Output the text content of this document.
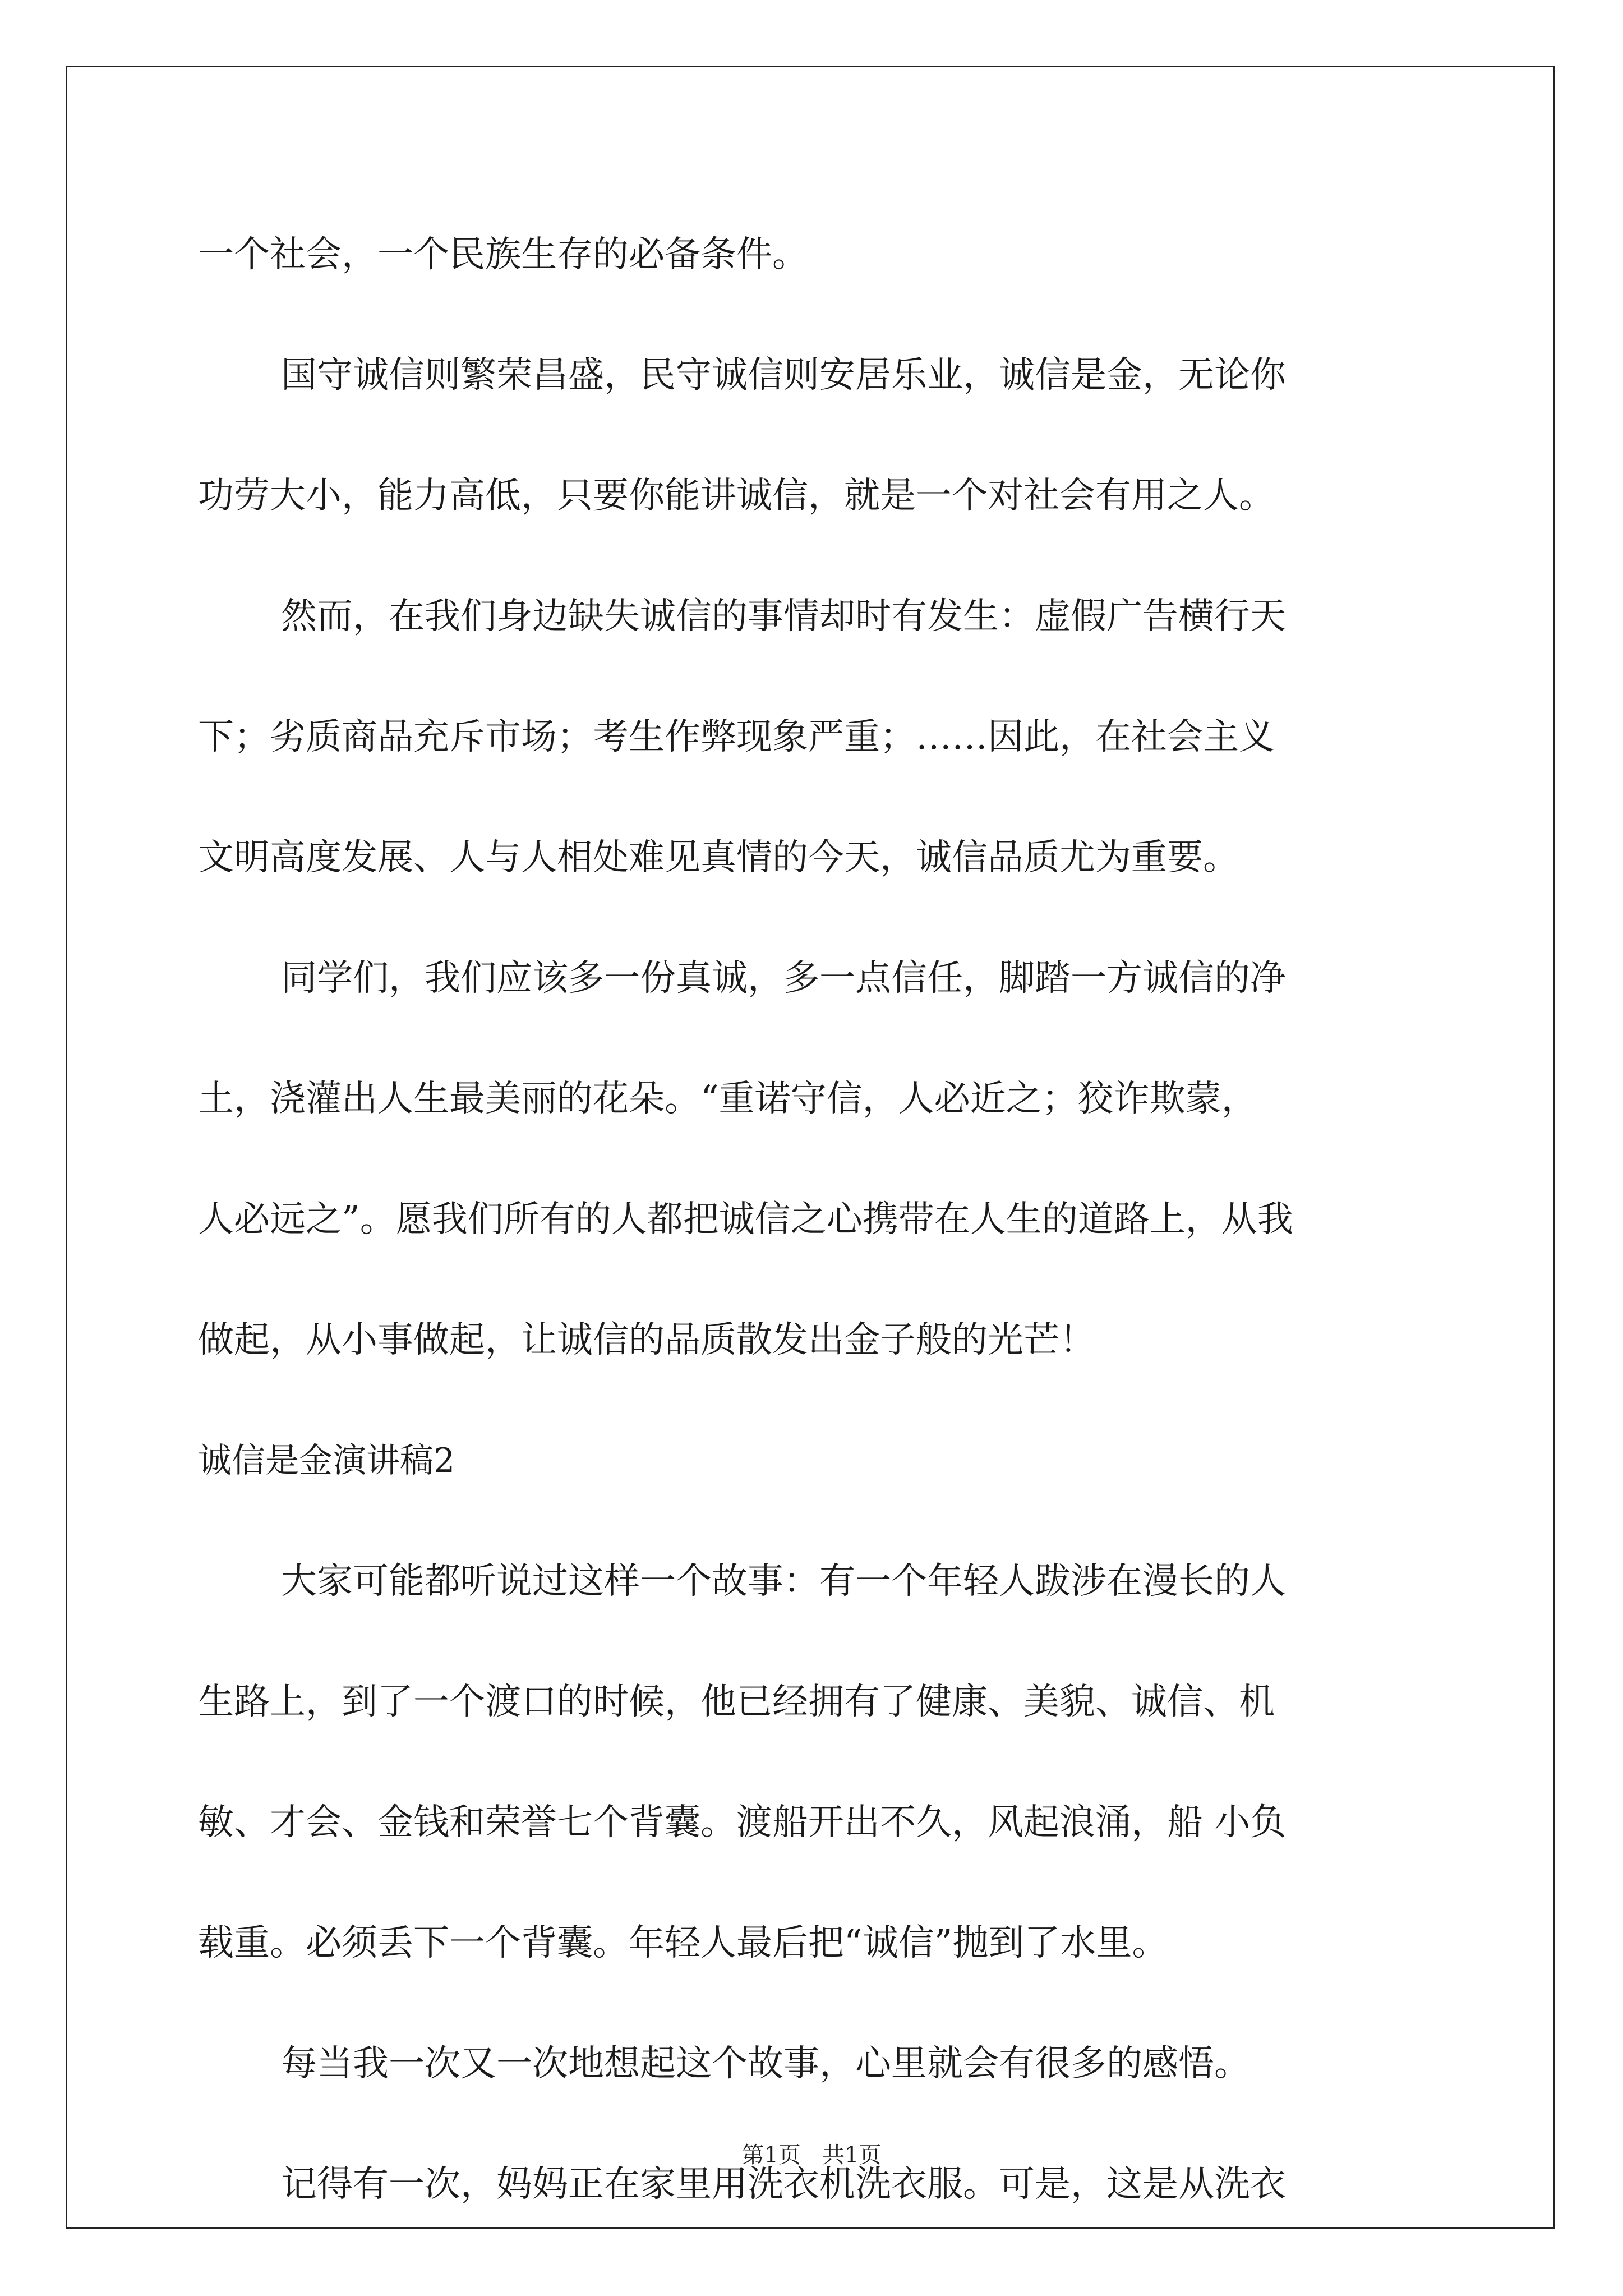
一个社会，一个民族生存的必备条件。
国守诚信则繁荣昌盛，民守诚信则安居乐业，诚信是金，无论你
功劳大小，能力高低，只要你能讲诚信，就是一个对社会有用之人。
然而，在我们身边缺失诚信的事情却时有发生：虚假广告横行天
下；劣质商品充斥市场；考生作弊现象严重；……因此，在社会主义
文明高度发展、人与人相处难见真情的今天，诚信品质尤为重要。
同学们，我们应该多一份真诚，多一点信任，脚踏一方诚信的净
土，浇灌出人生最美丽的花朵。“重诺守信，人必近之；狡诈欺蒙，
人必远之”。愿我们所有的人都把诚信之心携带在人生的道路上，从我
做起，从小事做起，让诚信的品质散发出金子般的光芒！
诚信是金演讲稿2
大家可能都听说过这样一个故事：有一个年轻人跋涉在漫长的人
生路上，到了一个渡口的时候，他已经拥有了健康、美貌、诚信、机
敏、才会、金钱和荣誉七个背囊。渡船开出不久，风起浪涌，船 小负
载重。必须丢下一个背囊。年轻人最后把“诚信”抛到了水里。
每当我一次又一次地想起这个故事，心里就会有很多的感悟。
记得有一次，妈妈正在家里用洗衣机洗衣服。可是，这是从洗衣
第1页   共1页
